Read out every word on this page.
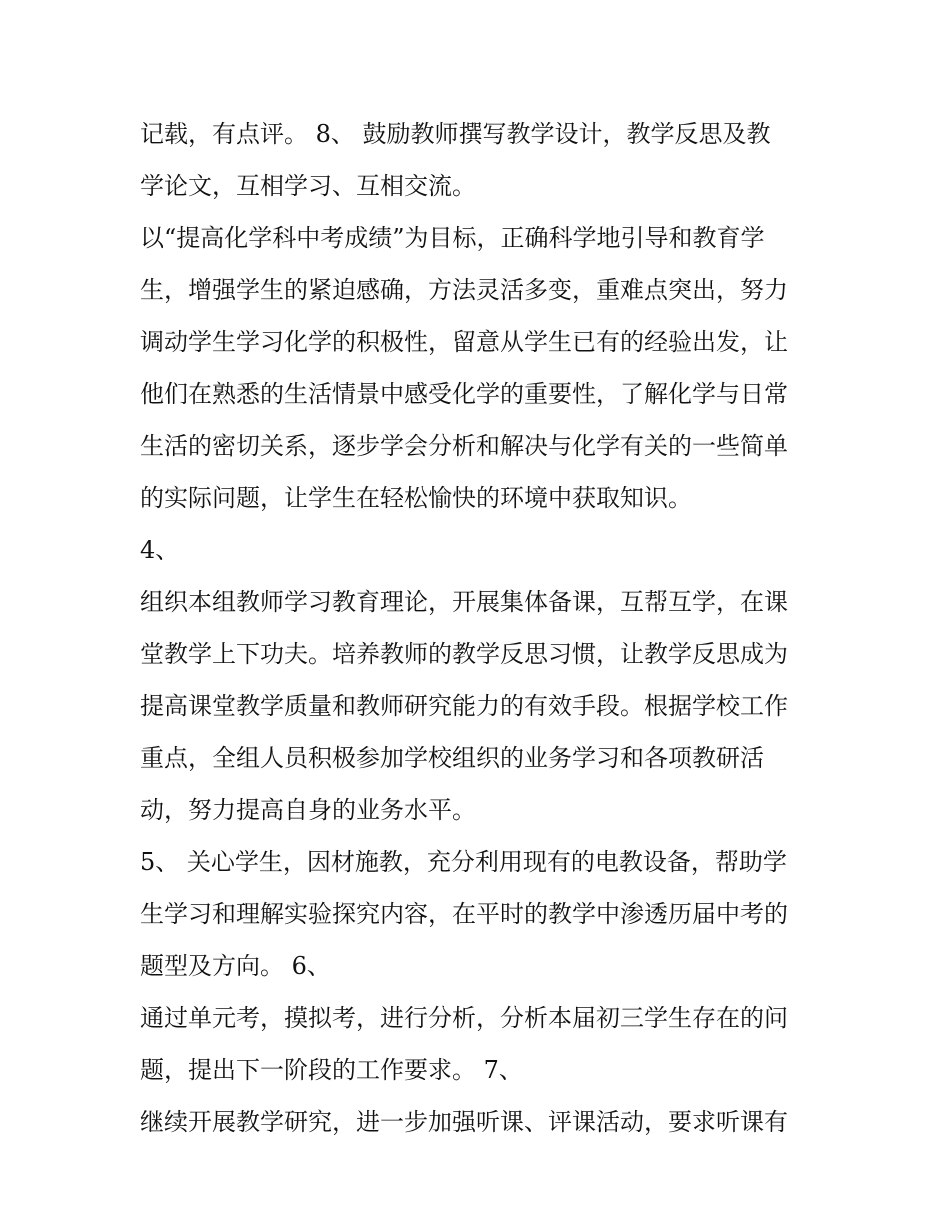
记载，有点评。 8、 鼓励教师撰写教学设计，教学反思及教
学论文，互相学习、互相交流。
以“提高化学科中考成绩”为目标，正确科学地引导和教育学
生，增强学生的紧迫感确，方法灵活多变，重难点突出，努力
调动学生学习化学的积极性，留意从学生已有的经验出发，让
他们在熟悉的生活情景中感受化学的重要性，了解化学与日常
生活的密切关系，逐步学会分析和解决与化学有关的一些简单
的实际问题，让学生在轻松愉快的环境中获取知识。
4、
组织本组教师学习教育理论，开展集体备课，互帮互学，在课
堂教学上下功夫。培养教师的教学反思习惯，让教学反思成为
提高课堂教学质量和教师研究能力的有效手段。根据学校工作
重点，全组人员积极参加学校组织的业务学习和各项教研活
动，努力提高自身的业务水平。
5、 关心学生，因材施教，充分利用现有的电教设备，帮助学
生学习和理解实验探究内容，在平时的教学中渗透历届中考的
题型及方向。 6、
通过单元考，摸拟考，进行分析，分析本届初三学生存在的问
题，提出下一阶段的工作要求。 7、
继续开展教学研究，进一步加强听课、评课活动，要求听课有
